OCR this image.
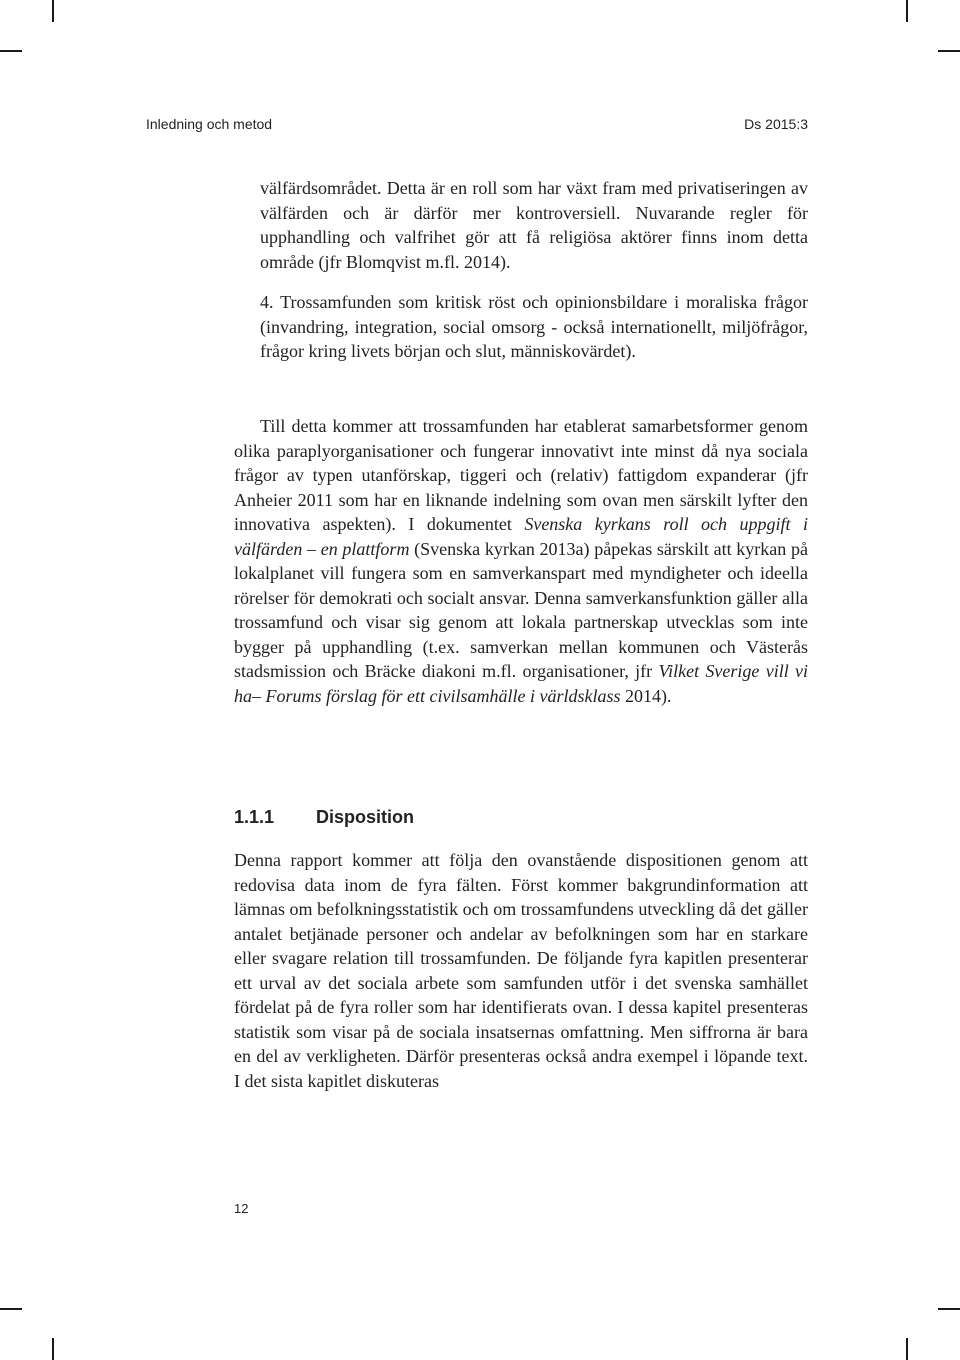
Inledning och metod	Ds 2015:3

välfärdsområdet. Detta är en roll som har växt fram med privatiseringen av välfärden och är därför mer kontroversiell. Nuvarande regler för upphandling och valfrihet gör att få religiösa aktörer finns inom detta område (jfr Blomqvist m.fl. 2014).

4. Trossamfunden som kritisk röst och opinionsbildare i moraliska frågor (invandring, integration, social omsorg - också internationellt, miljöfrågor, frågor kring livets början och slut, människovärdet).

Till detta kommer att trossamfunden har etablerat samarbetsformer genom olika paraplyorganisationer och fungerar innovativt inte minst då nya sociala frågor av typen utanförskap, tiggeri och (relativ) fattigdom expanderar (jfr Anheier 2011 som har en liknande indelning som ovan men särskilt lyfter den innovativa aspekten). I dokumentet Svenska kyrkans roll och uppgift i välfärden – en plattform (Svenska kyrkan 2013a) påpekas särskilt att kyrkan på lokalplanet vill fungera som en samverkanspart med myndigheter och ideella rörelser för demokrati och socialt ansvar. Denna samverkansfunktion gäller alla trossamfund och visar sig genom att lokala partnerskap utvecklas som inte bygger på upphandling (t.ex. samverkan mellan kommunen och Västerås stadsmission och Bräcke diakoni m.fl. organisationer, jfr Vilket Sverige vill vi ha– Forums förslag för ett civilsamhälle i världsklass 2014).

1.1.1 Disposition

Denna rapport kommer att följa den ovanstående dispositionen genom att redovisa data inom de fyra fälten. Först kommer bakgrundinformation att lämnas om befolkningsstatistik och om trossamfundens utveckling då det gäller antalet betjänade personer och andelar av befolkningen som har en starkare eller svagare relation till trossamfunden. De följande fyra kapitlen presenterar ett urval av det sociala arbete som samfunden utför i det svenska samhället fördelat på de fyra roller som har identifierats ovan. I dessa kapitel presenteras statistik som visar på de sociala insatsernas omfattning. Men siffrorna är bara en del av verkligheten. Därför presenteras också andra exempel i löpande text. I det sista kapitlet diskuteras

12
